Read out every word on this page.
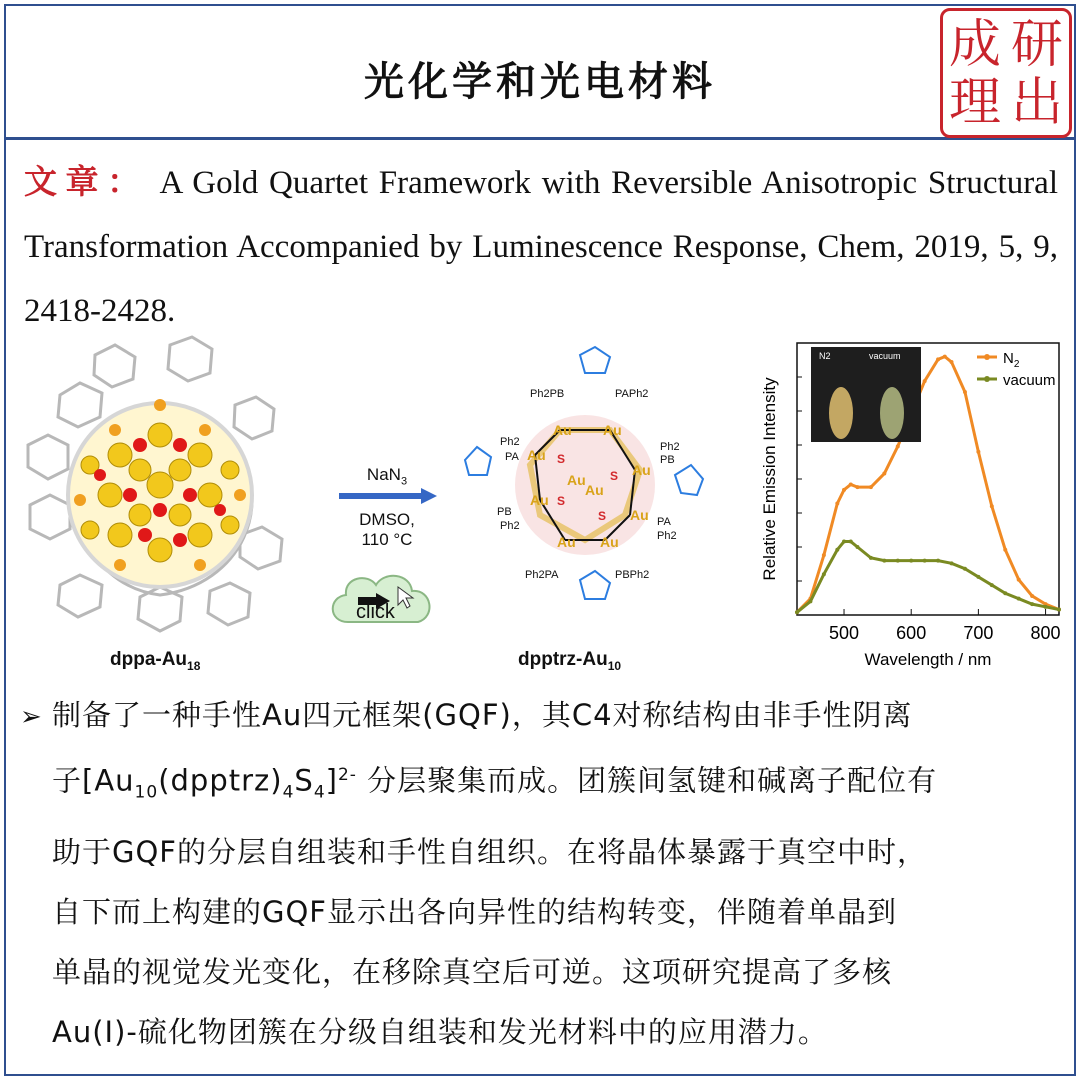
光化学和光电材料
成 研
理 出
文章： A Gold Quartet Framework with Reversible Anisotropic Structural Transformation Accompanied by Luminescence Response, Chem, 2019, 5, 9, 2418-2428.
dppa-$Au_{18}$
NaN$_3$
DMSO,
110 °C
click
Au Au
Au
Au
Au
Au
Au
Au
Au Au
S
S
S
S
Ph2PB	PAPh2
Ph2
PA
PB
Ph2
Ph2
PB
PA
Ph2
Ph2PA	PBPh2
dpptrz-$Au_{10}$
500 600 700 800
Wavelength / nm
Relative Emission Intensity
$N_2$
vacuum
N2	vacuum
➢ 制备了一种手性Au四元框架(GQF)，其C4对称结构由非手性阴离
子$[Au_{10}(dpptrz)_4S_4]^{2-}$ 分层聚集而成。团簇间氢键和碱离子配位有
助于GQF的分层自组装和手性自组织。在将晶体暴露于真空中时，
自下而上构建的GQF显示出各向异性的结构转变，伴随着单晶到
单晶的视觉发光变化，在移除真空后可逆。这项研究提高了多核
Au(I)-硫化物团簇在分级自组装和发光材料中的应用潜力。
